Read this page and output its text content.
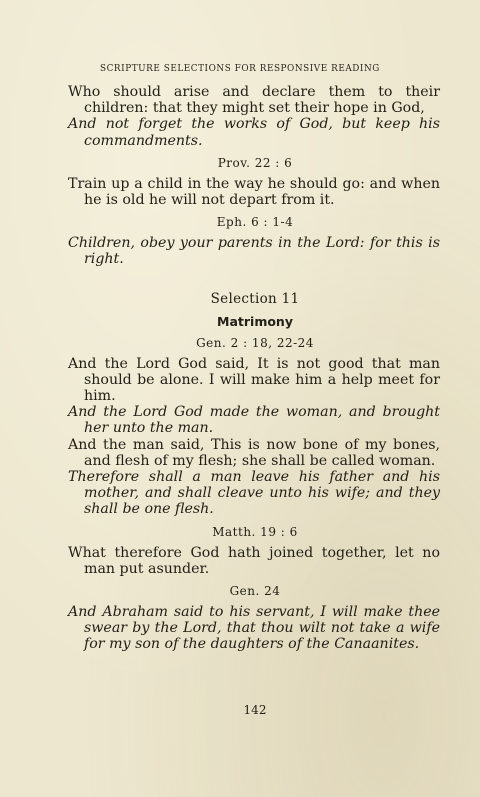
SCRIPTURE SELECTIONS FOR RESPONSIVE READING

Who should arise and declare them to their children: that they might set their hope in God,

And not forget the works of God, but keep his commandments.

Prov. 22 : 6

Train up a child in the way he should go: and when he is old he will not depart from it.

Eph. 6 : 1-4

Children, obey your parents in the Lord: for this is right.

Selection 11
Matrimony
Gen. 2 : 18, 22-24

And the Lord God said, It is not good that man should be alone. I will make him a help meet for him.

And the Lord God made the woman, and brought her unto the man.

And the man said, This is now bone of my bones, and flesh of my flesh; she shall be called woman.

Therefore shall a man leave his father and his mother, and shall cleave unto his wife; and they shall be one flesh.

Matth. 19 : 6

What therefore God hath joined together, let no man put asunder.

Gen. 24

And Abraham said to his servant, I will make thee swear by the Lord, that thou wilt not take a wife for my son of the daughters of the Canaanites.

142
